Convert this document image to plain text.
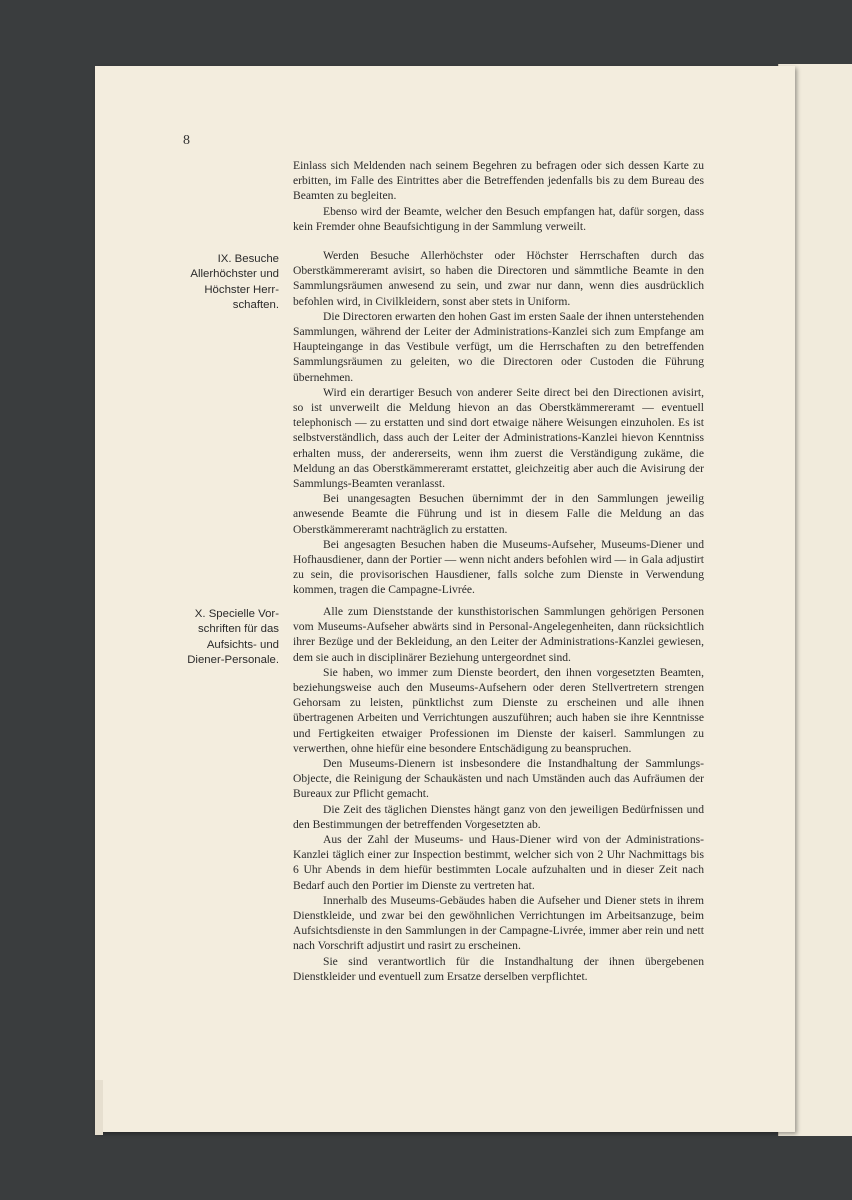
8

Einlass sich Meldenden nach seinem Begehren zu befragen oder sich dessen Karte zu erbitten, im Falle des Eintrittes aber die Betreffenden jedenfalls bis zu dem Bureau des Beamten zu begleiten.

Ebenso wird der Beamte, welcher den Besuch empfangen hat, dafür sorgen, dass kein Fremder ohne Beaufsichtigung in der Sammlung verweilt.

IX. Besuche
Allerhöchster und
Höchster Herr-
schaften.

Werden Besuche Allerhöchster oder Höchster Herrschaften durch das Oberstkämmereramt avisirt, so haben die Directoren und sämmtliche Beamte in den Sammlungsräumen anwesend zu sein, und zwar nur dann, wenn dies ausdrücklich befohlen wird, in Civilkleidern, sonst aber stets in Uniform.

Die Directoren erwarten den hohen Gast im ersten Saale der ihnen unterstehenden Sammlungen, während der Leiter der Administrations-Kanzlei sich zum Empfange am Haupteingange in das Vestibule verfügt, um die Herrschaften zu den betreffenden Sammlungsräumen zu geleiten, wo die Directoren oder Custoden die Führung übernehmen.

Wird ein derartiger Besuch von anderer Seite direct bei den Directionen avisirt, so ist unverweilt die Meldung hievon an das Oberstkämmereramt — eventuell telephonisch — zu erstatten und sind dort etwaige nähere Weisungen einzuholen. Es ist selbstverständlich, dass auch der Leiter der Administrations-Kanzlei hievon Kenntniss erhalten muss, der andererseits, wenn ihm zuerst die Verständigung zukäme, die Meldung an das Oberstkämmereramt erstattet, gleichzeitig aber auch die Avisirung der Sammlungs-Beamten veranlasst.

Bei unangesagten Besuchen übernimmt der in den Sammlungen jeweilig anwesende Beamte die Führung und ist in diesem Falle die Meldung an das Oberstkämmereramt nachträglich zu erstatten.

Bei angesagten Besuchen haben die Museums-Aufseher, Museums-Diener und Hofhausdiener, dann der Portier — wenn nicht anders befohlen wird — in Gala adjustirt zu sein, die provisorischen Hausdiener, falls solche zum Dienste in Verwendung kommen, tragen die Campagne-Livrée.

X. Specielle Vor-
schriften für das
Aufsichts- und
Diener-Personale.

Alle zum Dienststande der kunsthistorischen Sammlungen gehörigen Personen vom Museums-Aufseher abwärts sind in Personal-Angelegenheiten, dann rücksichtlich ihrer Bezüge und der Bekleidung, an den Leiter der Administrations-Kanzlei gewiesen, dem sie auch in disciplinärer Beziehung untergeordnet sind.

Sie haben, wo immer zum Dienste beordert, den ihnen vorgesetzten Beamten, beziehungsweise auch den Museums-Aufsehern oder deren Stellvertretern strengen Gehorsam zu leisten, pünktlichst zum Dienste zu erscheinen und alle ihnen übertragenen Arbeiten und Verrichtungen auszuführen; auch haben sie ihre Kenntnisse und Fertigkeiten etwaiger Professionen im Dienste der kaiserl. Sammlungen zu verwerthen, ohne hiefür eine besondere Entschädigung zu beanspruchen.

Den Museums-Dienern ist insbesondere die Instandhaltung der Sammlungs-Objecte, die Reinigung der Schaukästen und nach Umständen auch das Aufräumen der Bureaux zur Pflicht gemacht.

Die Zeit des täglichen Dienstes hängt ganz von den jeweiligen Bedürfnissen und den Bestimmungen der betreffenden Vorgesetzten ab.

Aus der Zahl der Museums- und Haus-Diener wird von der Administrations-Kanzlei täglich einer zur Inspection bestimmt, welcher sich von 2 Uhr Nachmittags bis 6 Uhr Abends in dem hiefür bestimmten Locale aufzuhalten und in dieser Zeit nach Bedarf auch den Portier im Dienste zu vertreten hat.

Innerhalb des Museums-Gebäudes haben die Aufseher und Diener stets in ihrem Dienstkleide, und zwar bei den gewöhnlichen Verrichtungen im Arbeitsanzuge, beim Aufsichtsdienste in den Sammlungen in der Campagne-Livrée, immer aber rein und nett nach Vorschrift adjustirt und rasirt zu erscheinen.

Sie sind verantwortlich für die Instandhaltung der ihnen übergebenen Dienstkleider und eventuell zum Ersatze derselben verpflichtet.
